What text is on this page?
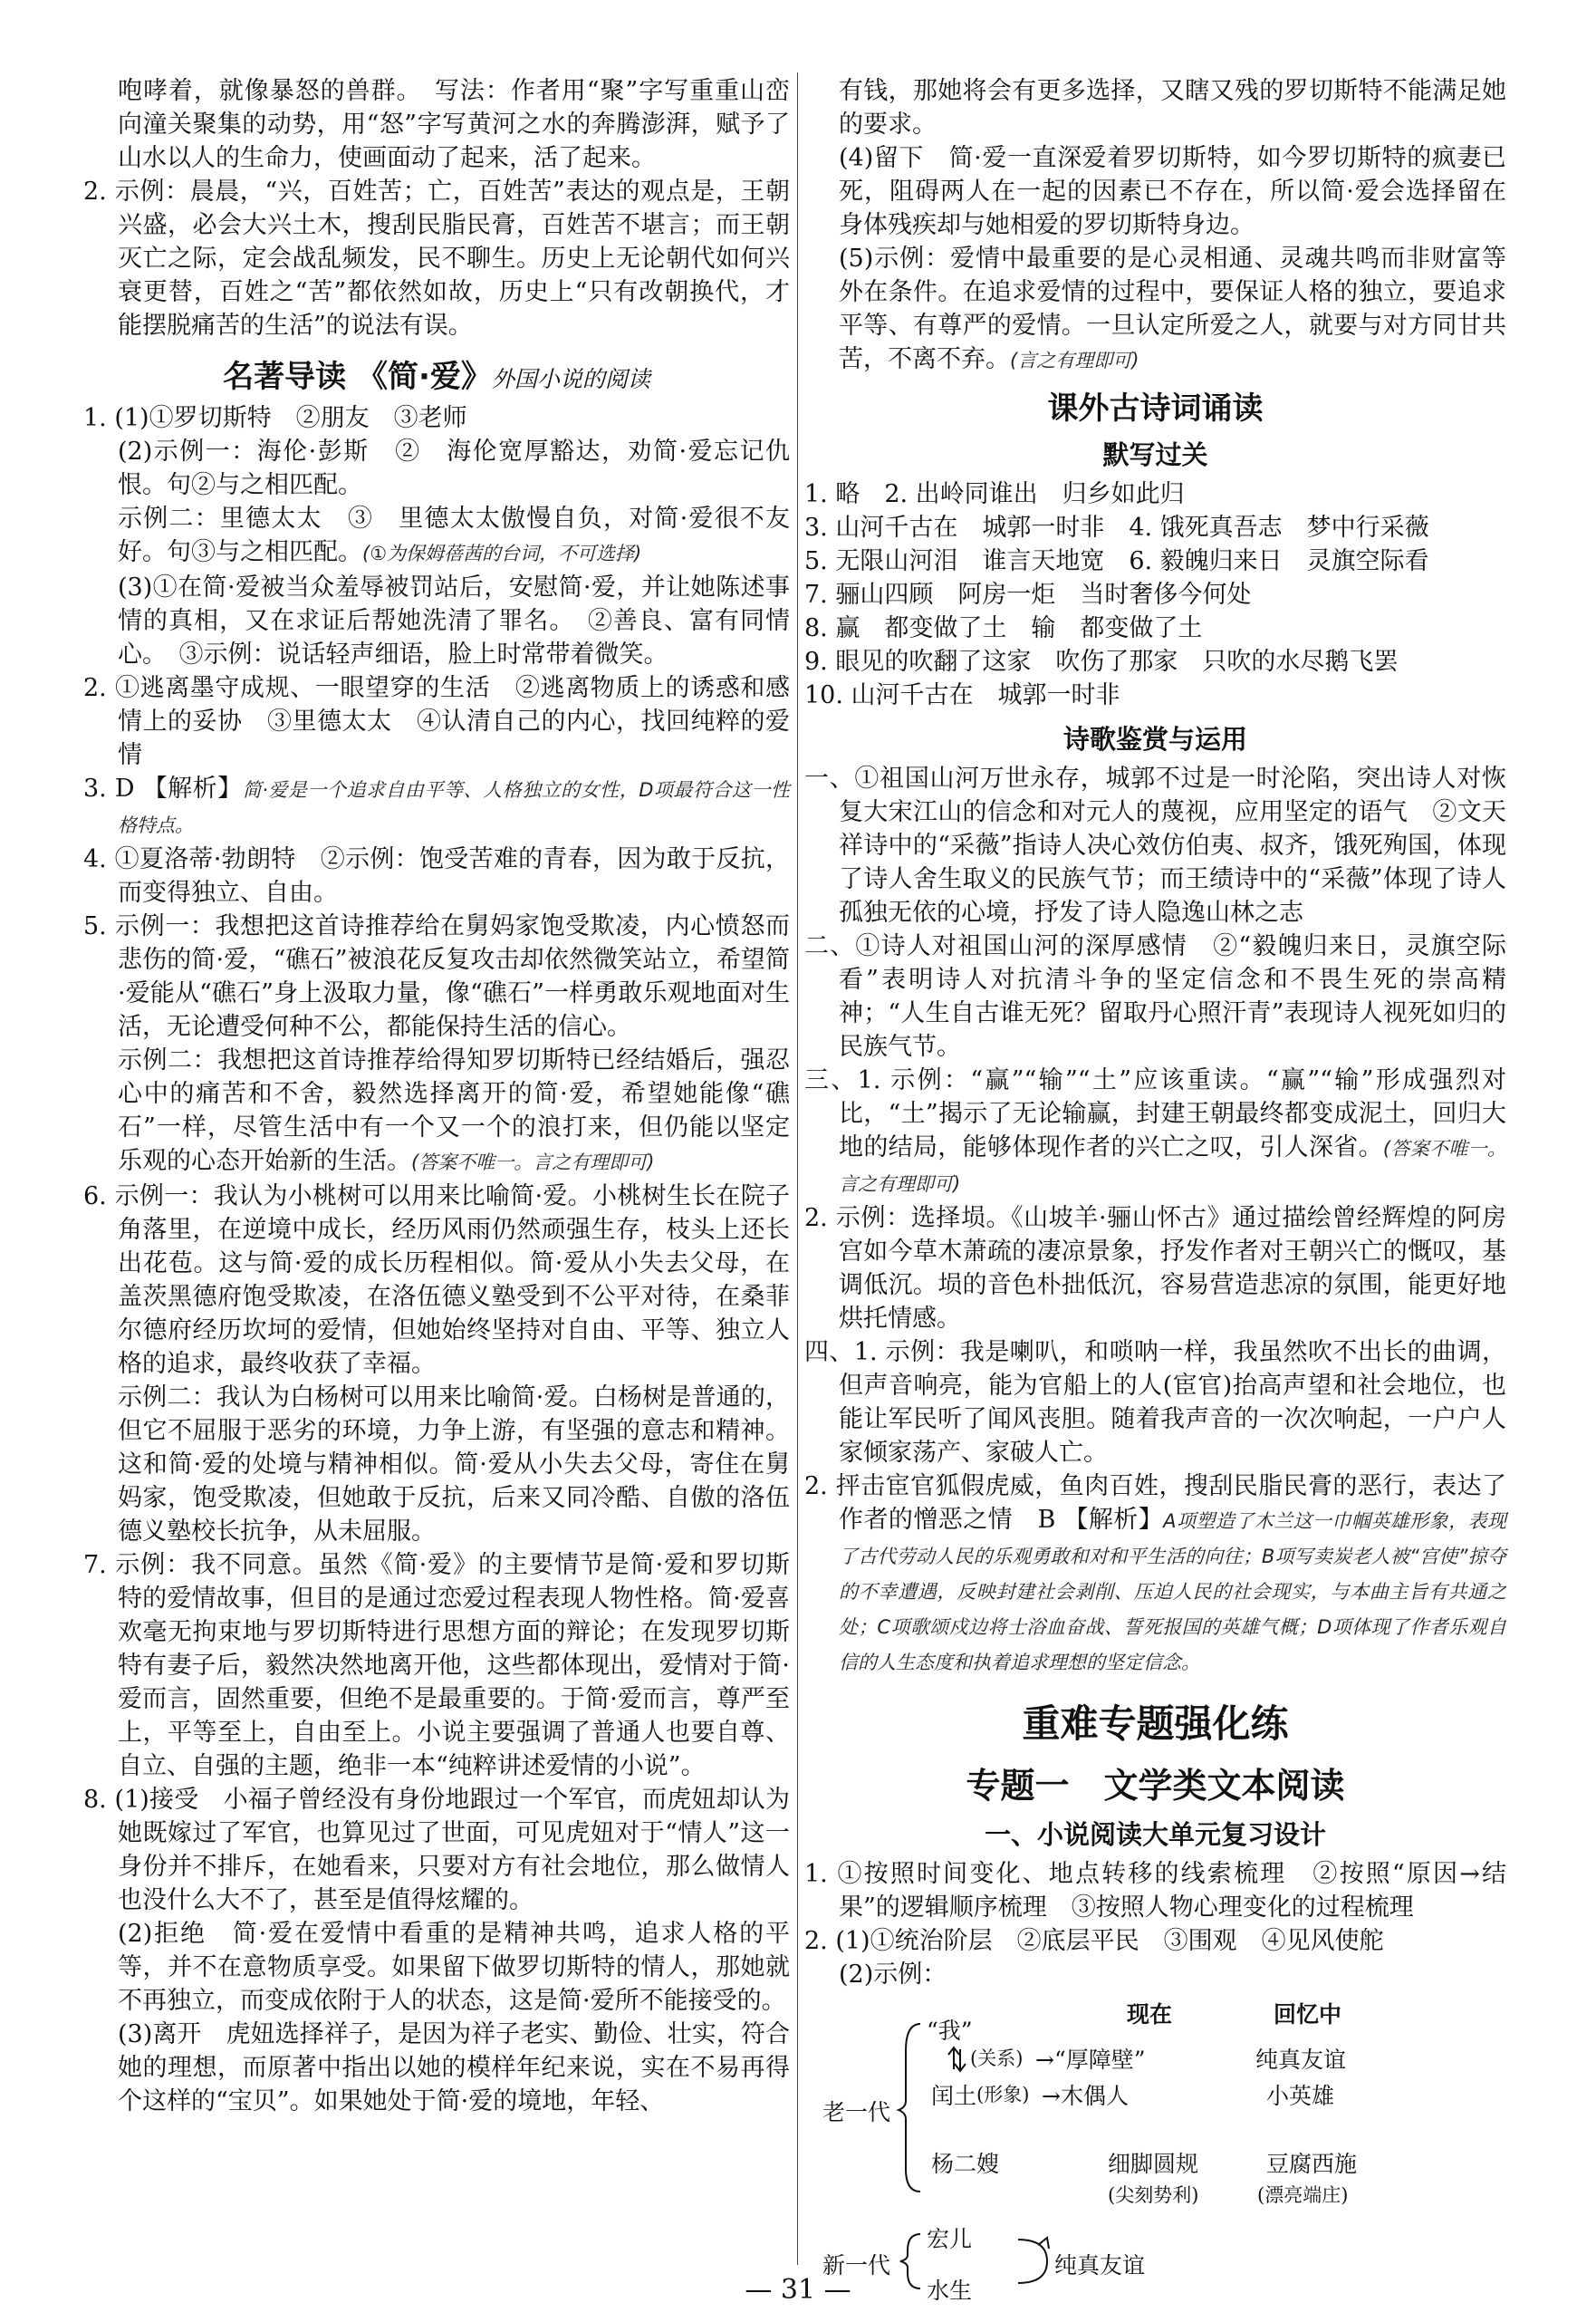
咆哮着，就像暴怒的兽群。　写法：作者用“聚”字写重重山峦向潼关聚集的动势，用“怒”字写黄河之水的奔腾澎湃，赋予了山水以人的生命力，使画面动了起来，活了起来。

2. 示例：晨晨，“兴，百姓苦；亡，百姓苦”表达的观点是，王朝兴盛，必会大兴土木，搜刮民脂民膏，百姓苦不堪言；而王朝灭亡之际，定会战乱频发，民不聊生。历史上无论朝代如何兴衰更替，百姓之“苦”都依然如故，历史上“只有改朝换代，才能摆脱痛苦的生活”的说法有误。

名著导读 《简·爱》外国小说的阅读

1. (1)①罗切斯特　②朋友　③老师

(2)示例一：海伦·彭斯　②　海伦宽厚豁达，劝简·爱忘记仇恨。句②与之相匹配。

示例二：里德太太　③　里德太太傲慢自负，对简·爱很不友好。句③与之相匹配。(①为保姆蓓茜的台词，不可选择)

(3)①在简·爱被当众羞辱被罚站后，安慰简·爱，并让她陈述事情的真相，又在求证后帮她洗清了罪名。　②善良、富有同情心。　③示例：说话轻声细语，脸上时常带着微笑。

2. ①逃离墨守成规、一眼望穿的生活　②逃离物质上的诱惑和感情上的妥协　③里德太太　④认清自己的内心，找回纯粹的爱情

3. D 【解析】简·爱是一个追求自由平等、人格独立的女性，D项最符合这一性格特点。

4. ①夏洛蒂·勃朗特　②示例：饱受苦难的青春，因为敢于反抗，而变得独立、自由。

5. 示例一：我想把这首诗推荐给在舅妈家饱受欺凌，内心愤怒而悲伤的简·爱，“礁石”被浪花反复攻击却依然微笑站立，希望简·爱能从“礁石”身上汲取力量，像“礁石”一样勇敢乐观地面对生活，无论遭受何种不公，都能保持生活的信心。

示例二：我想把这首诗推荐给得知罗切斯特已经结婚后，强忍心中的痛苦和不舍，毅然选择离开的简·爱，希望她能像“礁石”一样，尽管生活中有一个又一个的浪打来，但仍能以坚定乐观的心态开始新的生活。(答案不唯一。言之有理即可)

6. 示例一：我认为小桃树可以用来比喻简·爱。小桃树生长在院子角落里，在逆境中成长，经历风雨仍然顽强生存，枝头上还长出花苞。这与简·爱的成长历程相似。简·爱从小失去父母，在盖茨黑德府饱受欺凌，在洛伍德义塾受到不公平对待，在桑菲尔德府经历坎坷的爱情，但她始终坚持对自由、平等、独立人格的追求，最终收获了幸福。

示例二：我认为白杨树可以用来比喻简·爱。白杨树是普通的，但它不屈服于恶劣的环境，力争上游，有坚强的意志和精神。这和简·爱的处境与精神相似。简·爱从小失去父母，寄住在舅妈家，饱受欺凌，但她敢于反抗，后来又同冷酷、自傲的洛伍德义塾校长抗争，从未屈服。

7. 示例：我不同意。虽然《简·爱》的主要情节是简·爱和罗切斯特的爱情故事，但目的是通过恋爱过程表现人物性格。简·爱喜欢毫无拘束地与罗切斯特进行思想方面的辩论；在发现罗切斯特有妻子后，毅然决然地离开他，这些都体现出，爱情对于简·爱而言，固然重要，但绝不是最重要的。于简·爱而言，尊严至上，平等至上，自由至上。小说主要强调了普通人也要自尊、自立、自强的主题，绝非一本“纯粹讲述爱情的小说”。

8. (1)接受　小福子曾经没有身份地跟过一个军官，而虎妞却认为她既嫁过了军官，也算见过了世面，可见虎妞对于“情人”这一身份并不排斥，在她看来，只要对方有社会地位，那么做情人也没什么大不了，甚至是值得炫耀的。

(2)拒绝　简·爱在爱情中看重的是精神共鸣，追求人格的平等，并不在意物质享受。如果留下做罗切斯特的情人，那她就不再独立，而变成依附于人的状态，这是简·爱所不能接受的。

(3)离开　虎妞选择祥子，是因为祥子老实、勤俭、壮实，符合她的理想，而原著中指出以她的模样年纪来说，实在不易再得个这样的“宝贝”。如果她处于简·爱的境地，年轻、

有钱，那她将会有更多选择，又瞎又残的罗切斯特不能满足她的要求。

(4)留下　简·爱一直深爱着罗切斯特，如今罗切斯特的疯妻已死，阻碍两人在一起的因素已不存在，所以简·爱会选择留在身体残疾却与她相爱的罗切斯特身边。

(5)示例：爱情中最重要的是心灵相通、灵魂共鸣而非财富等外在条件。在追求爱情的过程中，要保证人格的独立，要追求平等、有尊严的爱情。一旦认定所爱之人，就要与对方同甘共苦，不离不弃。(言之有理即可)

课外古诗词诵读
默写过关

1. 略　2. 出岭同谁出　归乡如此归

3. 山河千古在　城郭一时非　4. 饿死真吾志　梦中行采薇

5. 无限山河泪　谁言天地宽　6. 毅魄归来日　灵旗空际看

7. 骊山四顾　阿房一炬　当时奢侈今何处

8. 赢　都变做了土　输　都变做了土

9. 眼见的吹翻了这家　吹伤了那家　只吹的水尽鹅飞罢

10. 山河千古在　城郭一时非

诗歌鉴赏与运用

一、①祖国山河万世永存，城郭不过是一时沦陷，突出诗人对恢复大宋江山的信念和对元人的蔑视，应用坚定的语气　②文天祥诗中的“采薇”指诗人决心效仿伯夷、叔齐，饿死殉国，体现了诗人舍生取义的民族气节；而王绩诗中的“采薇”体现了诗人孤独无依的心境，抒发了诗人隐逸山林之志

二、①诗人对祖国山河的深厚感情　②“毅魄归来日，灵旗空际看”表明诗人对抗清斗争的坚定信念和不畏生死的崇高精神；“人生自古谁无死？留取丹心照汗青”表现诗人视死如归的民族气节。

三、1. 示例：“赢”“输”“土”应该重读。“赢”“输”形成强烈对比，“土”揭示了无论输赢，封建王朝最终都变成泥土，回归大地的结局，能够体现作者的兴亡之叹，引人深省。(答案不唯一。言之有理即可)

2. 示例：选择埙。《山坡羊·骊山怀古》通过描绘曾经辉煌的阿房宫如今草木萧疏的凄凉景象，抒发作者对王朝兴亡的慨叹，基调低沉。埙的音色朴拙低沉，容易营造悲凉的氛围，能更好地烘托情感。

四、1. 示例：我是喇叭，和唢呐一样，我虽然吹不出长的曲调，但声音响亮，能为官船上的人(宦官)抬高声望和社会地位，也能让军民听了闻风丧胆。随着我声音的一次次响起，一户户人家倾家荡产、家破人亡。

2. 抨击宦官狐假虎威，鱼肉百姓，搜刮民脂民膏的恶行，表达了作者的憎恶之情　B 【解析】A项塑造了木兰这一巾帼英雄形象，表现了古代劳动人民的乐观勇敢和对和平生活的向往；B项写卖炭老人被“宫使”掠夺的不幸遭遇，反映封建社会剥削、压迫人民的社会现实，与本曲主旨有共通之处；C项歌颂戍边将士浴血奋战、誓死报国的英雄气概；D项体现了作者乐观自信的人生态度和执着追求理想的坚定信念。

重难专题强化练
专题一　文学类文本阅读
一、小说阅读大单元复习设计

1. ①按照时间变化、地点转移的线索梳理　②按照“原因→结果”的逻辑顺序梳理　③按照人物心理变化的过程梳理

2. (1)①统治阶层　②底层平民　③围观　④见风使舵

(2)示例：

现在	回忆中
“我”
(关系) →“厚障壁”	纯真友谊
老一代
闰土 (形象) →木偶人	小英雄
杨二嫂	细脚圆规
(尖刻势利)
豆腐西施
(漂亮端庄)
新一代
宏儿
水生
纯真友谊
— 31 —
